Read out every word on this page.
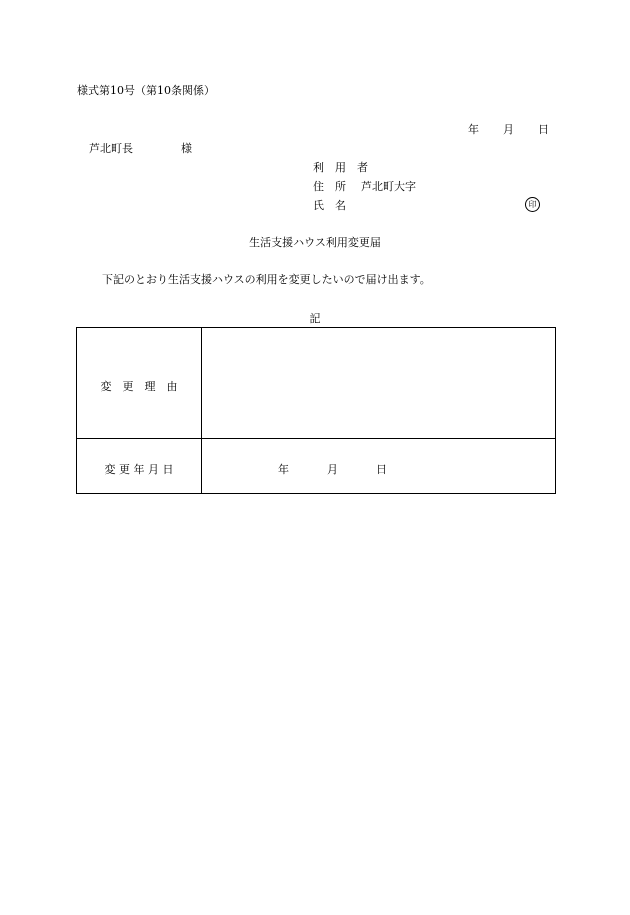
様式第10号（第10条関係）
年 月 日
芦北町長	様
利　用　者
住　所	芦北町大字
氏　名	印
生活支援ハウス利用変更届
下記のとおり生活支援ハウスの利用を変更したいので届け出ます。
記
変　更　理　由
変 更 年 月 日	年	月	日
